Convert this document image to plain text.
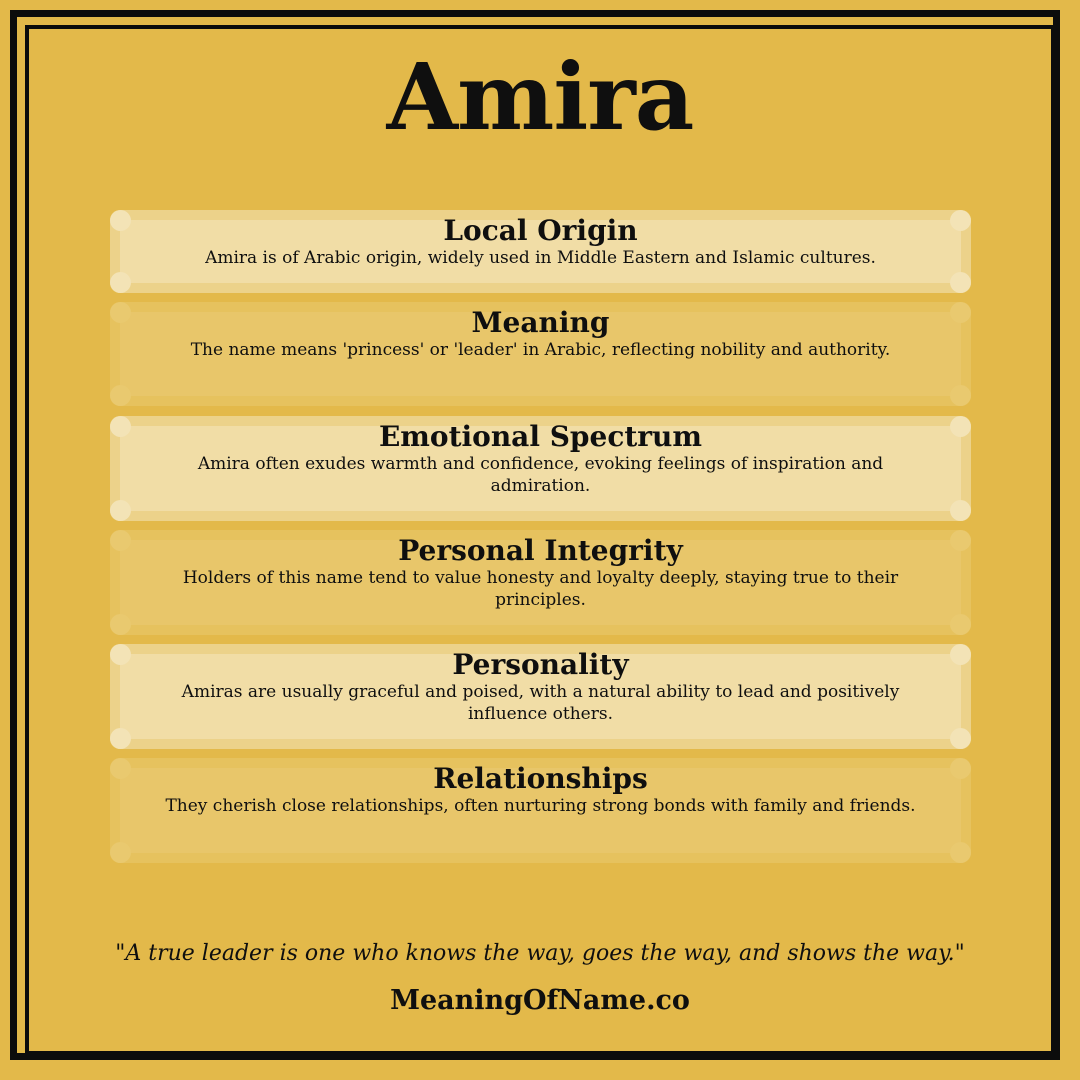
Amira
Local Origin
Amira is of Arabic origin, widely used in Middle Eastern and Islamic cultures.
Meaning
The name means 'princess' or 'leader' in Arabic, reflecting nobility and authority.
Emotional Spectrum
Amira often exudes warmth and confidence, evoking feelings of inspiration and admiration.
Personal Integrity
Holders of this name tend to value honesty and loyalty deeply, staying true to their principles.
Personality
Amiras are usually graceful and poised, with a natural ability to lead and positively influence others.
Relationships
They cherish close relationships, often nurturing strong bonds with family and friends.
"A true leader is one who knows the way, goes the way, and shows the way."
MeaningOfName.co
